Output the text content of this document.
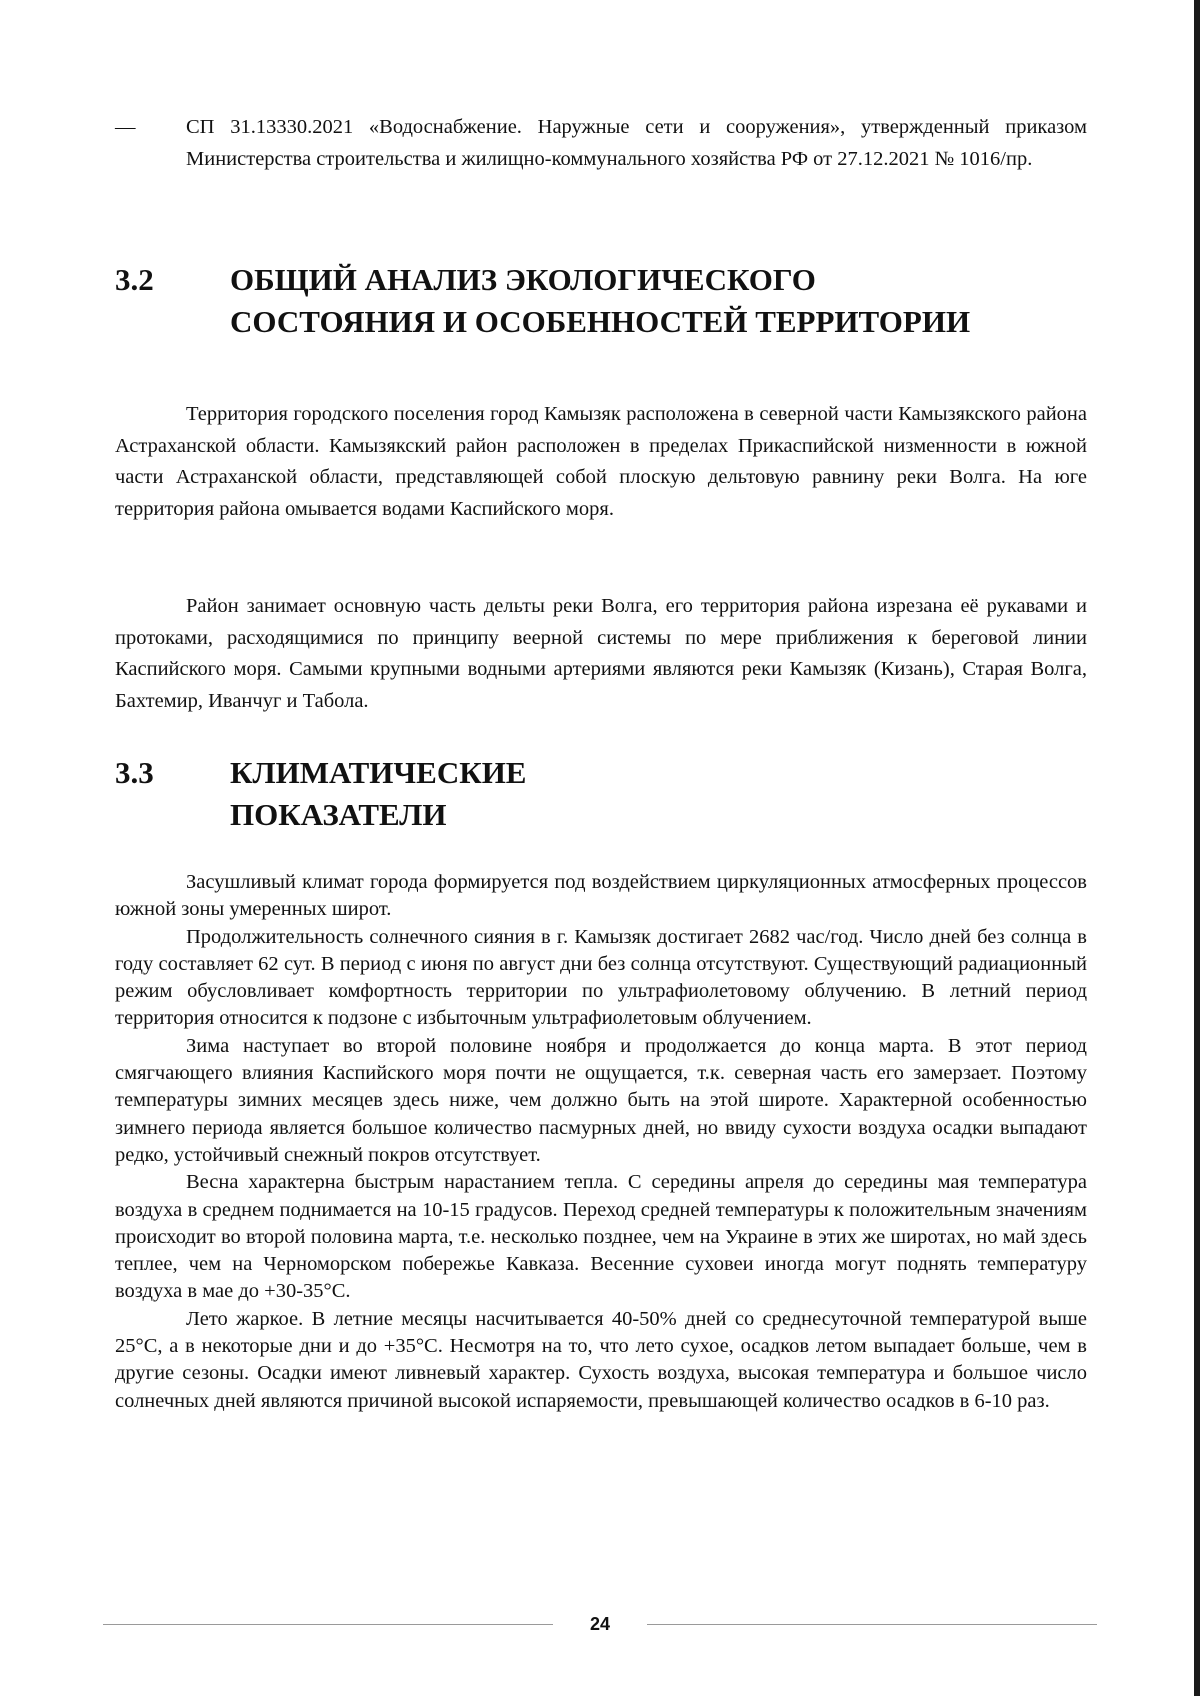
— СП 31.13330.2021 «Водоснабжение. Наружные сети и сооружения», утвержденный приказом Министерства строительства и жилищно-коммунального хозяйства РФ от 27.12.2021 № 1016/пр.
3.2 ОБЩИЙ АНАЛИЗ ЭКОЛОГИЧЕСКОГО
СОСТОЯНИЯ И ОСОБЕННОСТЕЙ ТЕРРИТОРИИ
Территория городского поселения город Камызяк расположена в северной части Камызякского района Астраханской области. Камызякский район расположен в пределах Прикаспийской низменности в южной части Астраханской области, представляющей собой плоскую дельтовую равнину реки Волга. На юге территория района омывается водами Каспийского моря.
Район занимает основную часть дельты реки Волга, его территория района изрезана её рукавами и протоками, расходящимися по принципу веерной системы по мере приближения к береговой линии Каспийского моря. Самыми крупными водными артериями являются реки Камызяк (Кизань), Старая Волга, Бахтемир, Иванчуг и Табола.
3.3 КЛИМАТИЧЕСКИЕ
ПОКАЗАТЕЛИ

Засушливый климат города формируется под воздействием циркуляционных атмосферных процессов южной зоны умеренных широт.

Продолжительность солнечного сияния в г. Камызяк достигает 2682 час/год. Число дней без солнца в году составляет 62 сут. В период с июня по август дни без солнца отсутствуют. Существующий радиационный режим обусловливает комфортность территории по ультрафиолетовому облучению. В летний период территория относится к подзоне с избыточным ультрафиолетовым облучением.

Зима наступает во второй половине ноября и продолжается до конца марта. В этот период смягчающего влияния Каспийского моря почти не ощущается, т.к. северная часть его замерзает. Поэтому температуры зимних месяцев здесь ниже, чем должно быть на этой широте. Характерной особенностью зимнего периода является большое количество пасмурных дней, но ввиду сухости воздуха осадки выпадают редко, устойчивый снежный покров отсутствует.

Весна характерна быстрым нарастанием тепла. С середины апреля до середины мая температура воздуха в среднем поднимается на 10-15 градусов. Переход средней температуры к положительным значениям происходит во второй половина марта, т.е. несколько позднее, чем на Украине в этих же широтах, но май здесь теплее, чем на Черноморском побережье Кавказа. Весенние суховеи иногда могут поднять температуру воздуха в мае до +30-35°С.

Лето жаркое. В летние месяцы насчитывается 40-50% дней со среднесуточной температурой выше 25°С, а в некоторые дни и до +35°С. Несмотря на то, что лето сухое, осадков летом выпадает больше, чем в другие сезоны. Осадки имеют ливневый характер. Сухость воздуха, высокая температура и большое число солнечных дней являются причиной высокой испаряемости, превышающей количество осадков в 6-10 раз.

24
